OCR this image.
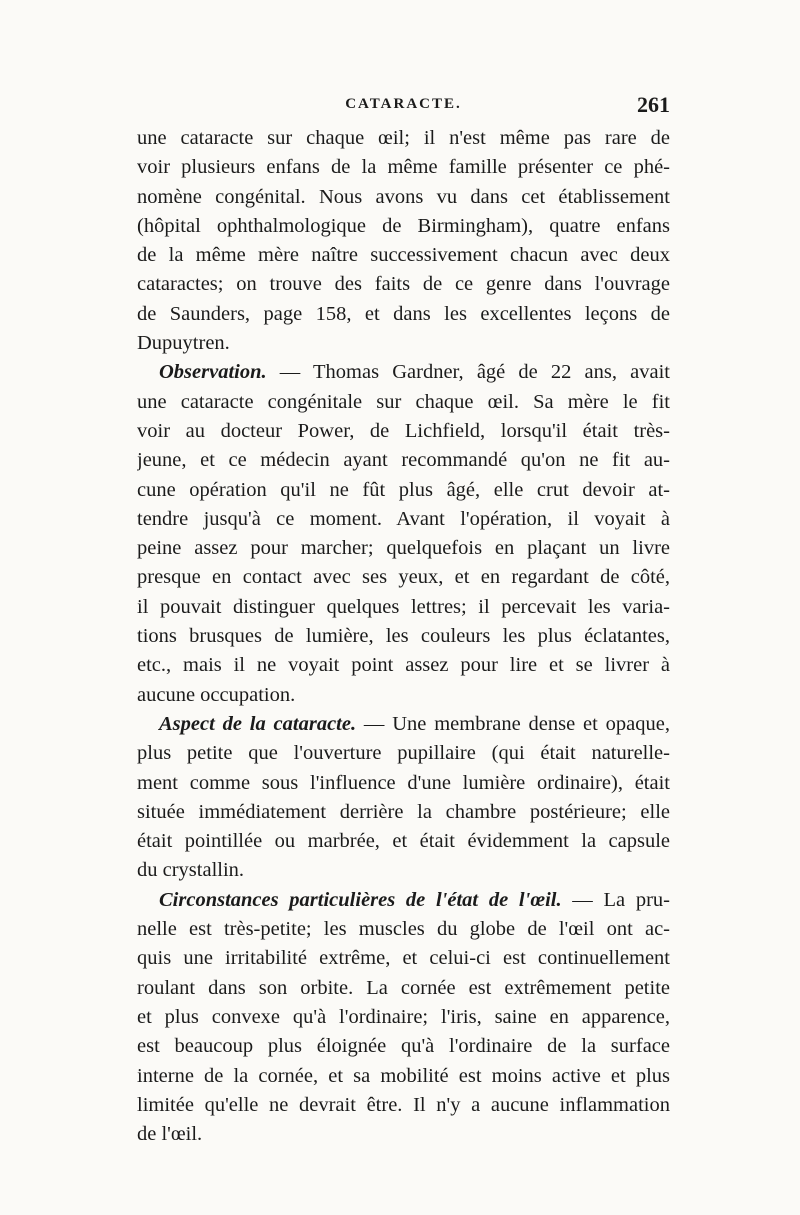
CATARACTE.	261
une cataracte sur chaque œil; il n'est même pas rare de
voir plusieurs enfans de la même famille présenter ce phé-
nomène congénital. Nous avons vu dans cet établissement
(hôpital ophthalmologique de Birmingham), quatre enfans
de la même mère naître successivement chacun avec deux
cataractes; on trouve des faits de ce genre dans l'ouvrage
de Saunders, page 158, et dans les excellentes leçons de
Dupuytren.
Observation. — Thomas Gardner, âgé de 22 ans, avait
une cataracte congénitale sur chaque œil. Sa mère le fit
voir au docteur Power, de Lichfield, lorsqu'il était très-
jeune, et ce médecin ayant recommandé qu'on ne fit au-
cune opération qu'il ne fût plus âgé, elle crut devoir at-
tendre jusqu'à ce moment. Avant l'opération, il voyait à
peine assez pour marcher; quelquefois en plaçant un livre
presque en contact avec ses yeux, et en regardant de côté,
il pouvait distinguer quelques lettres; il percevait les varia-
tions brusques de lumière, les couleurs les plus éclatantes,
etc., mais il ne voyait point assez pour lire et se livrer à
aucune occupation.
Aspect de la cataracte. — Une membrane dense et opaque,
plus petite que l'ouverture pupillaire (qui était naturelle-
ment comme sous l'influence d'une lumière ordinaire), était
située immédiatement derrière la chambre postérieure; elle
était pointillée ou marbrée, et était évidemment la capsule
du crystallin.
Circonstances particulières de l'état de l'œil. — La pru-
nelle est très-petite; les muscles du globe de l'œil ont ac-
quis une irritabilité extrême, et celui-ci est continuellement
roulant dans son orbite. La cornée est extrêmement petite
et plus convexe qu'à l'ordinaire; l'iris, saine en apparence,
est beaucoup plus éloignée qu'à l'ordinaire de la surface
interne de la cornée, et sa mobilité est moins active et plus
limitée qu'elle ne devrait être. Il n'y a aucune inflammation
de l'œil.
